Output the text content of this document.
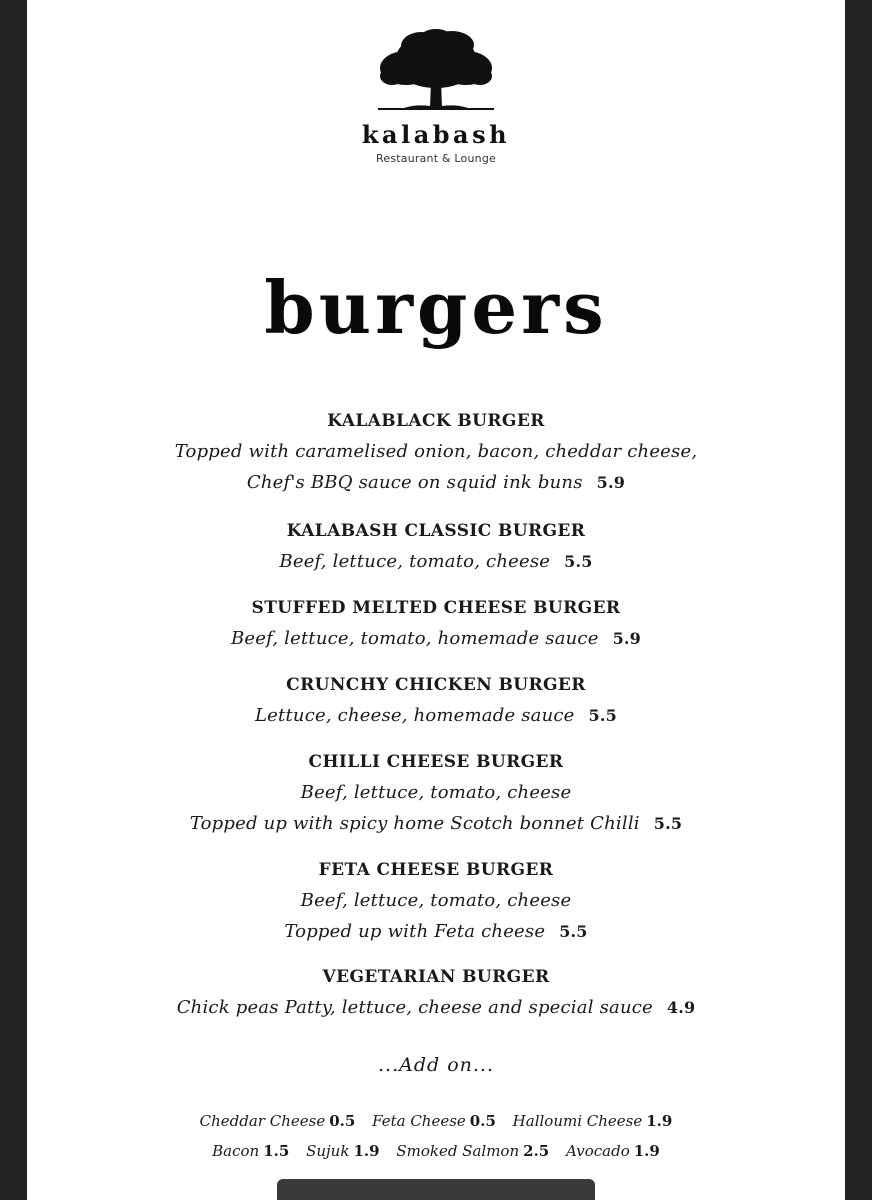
kalabash
Restaurant & Lounge
burgers

KALABLACK BURGER

Topped with caramelised onion, bacon, cheddar cheese,

Chef's BBQ sauce on squid ink buns 5.9

KALABASH CLASSIC BURGER

Beef, lettuce, tomato, cheese 5.5

STUFFED MELTED CHEESE BURGER

Beef, lettuce, tomato, homemade sauce 5.9

CRUNCHY CHICKEN BURGER

Lettuce, cheese, homemade sauce 5.5

CHILLI CHEESE BURGER

Beef, lettuce, tomato, cheese

Topped up with spicy home Scotch bonnet Chilli 5.5

FETA CHEESE BURGER

Beef, lettuce, tomato, cheese

Topped up with Feta cheese 5.5

VEGETARIAN BURGER

Chick peas Patty, lettuce, cheese and special sauce 4.9

...Add on...
Cheddar Cheese 0.5 Feta Cheese 0.5 Halloumi Cheese 1.9
Bacon 1.5 Sujuk 1.9 Smoked Salmon 2.5 Avocado 1.9
